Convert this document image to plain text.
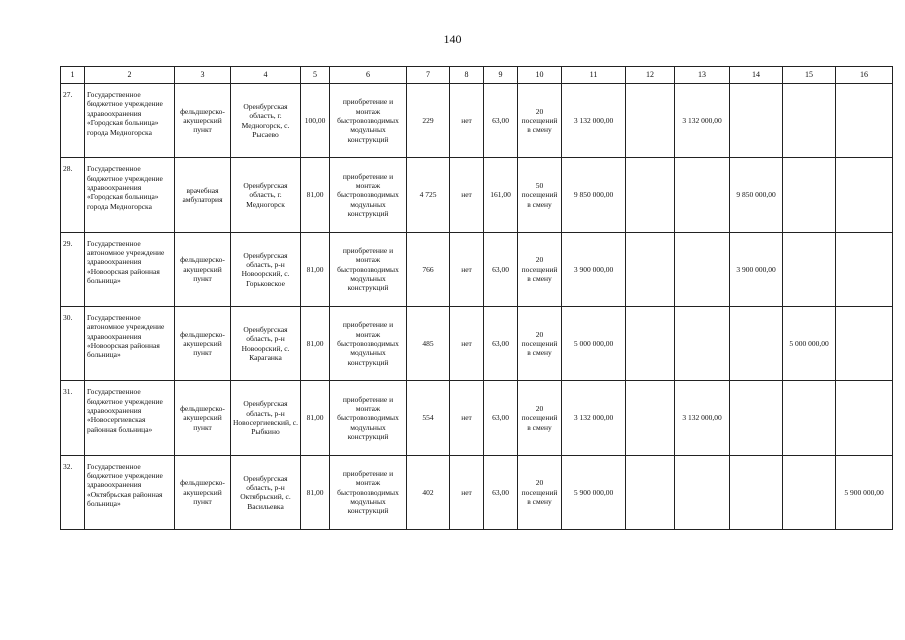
140
1	2	3	4	5	6	7	8	9	10	11	12	13	14	15	16
27.	Государственное бюджетное учреждение здравоохранения «Городская больница» города Медногорска	фельдшерско-акушерский пункт	Оренбургская область, г. Медногорск, с. Рысаево	100,00	приобретение и монтаж быстровозводимых модульных конструкций	229	нет	63,00	20 посещений в смену	3 132 000,00		3 132 000,00			
28.	Государственное бюджетное учреждение здравоохранения «Городская больница» города Медногорска	врачебная амбулатория	Оренбургская область, г. Медногорск	81,00	приобретение и монтаж быстровозводимых модульных конструкций	4 725	нет	161,00	50 посещений в смену	9 850 000,00			9 850 000,00		
29.	Государственное автономное учреждение здравоохранения «Новоорская районная больница»	фельдшерско-акушерский пункт	Оренбургская область, р-н Новоорский, с. Горьковское	81,00	приобретение и монтаж быстровозводимых модульных конструкций	766	нет	63,00	20 посещений в смену	3 900 000,00			3 900 000,00		
30.	Государственное автономное учреждение здравоохранения «Новоорская районная больница»	фельдшерско-акушерский пункт	Оренбургская область, р-н Новоорский, с. Караганка	81,00	приобретение и монтаж быстровозводимых модульных конструкций	485	нет	63,00	20 посещений в смену	5 000 000,00				5 000 000,00	
31.	Государственное бюджетное учреждение здравоохранения «Новосергиевская районная больница»	фельдшерско-акушерский пункт	Оренбургская область, р-н Новосергиевский, с. Рыбкино	81,00	приобретение и монтаж быстровозводимых модульных конструкций	554	нет	63,00	20 посещений в смену	3 132 000,00		3 132 000,00			
32.	Государственное бюджетное учреждение здравоохранения «Октябрьская районная больница»	фельдшерско-акушерский пункт	Оренбургская область, р-н Октябрьский, с. Васильевка	81,00	приобретение и монтаж быстровозводимых модульных конструкций	402	нет	63,00	20 посещений в смену	5 900 000,00					5 900 000,00
